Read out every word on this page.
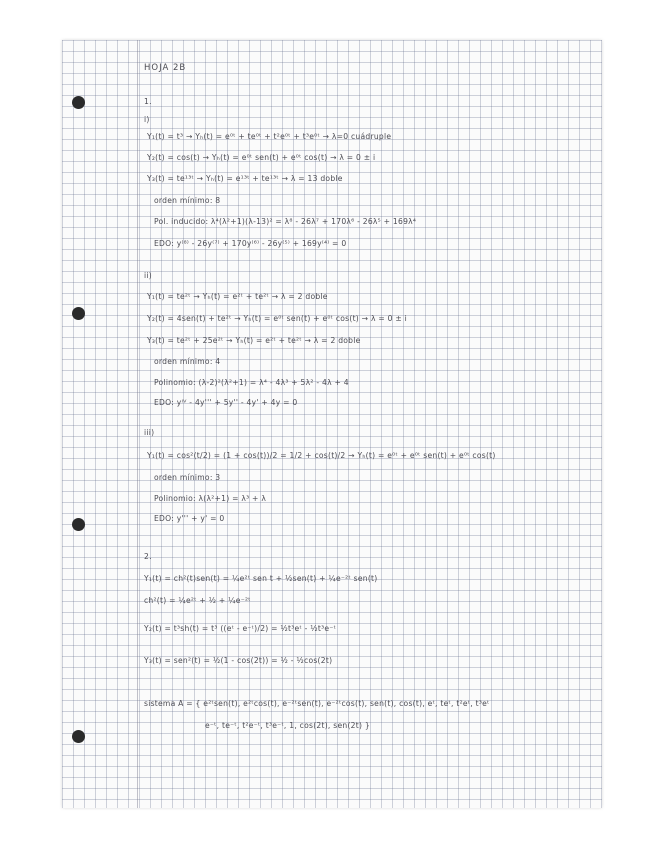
HOJA 2B
1.
i)
Y₁(t) = t³ → Yₕ(t) = e⁰ᵗ + te⁰ᵗ + t²e⁰ᵗ + t³e⁰ᵗ → λ=0 cuádruple
Y₂(t) = cos(t) → Yₕ(t) = e⁰ᵗ sen(t) + e⁰ᵗ cos(t) → λ = 0 ± i
Y₃(t) = te¹³ᵗ → Yₕ(t) = e¹³ᵗ + te¹³ᵗ → λ = 13 doble
orden mínimo: 8
Pol. inducido: λ⁴(λ²+1)(λ-13)² = λ⁸ - 26λ⁷ + 170λ⁶ - 26λ⁵ + 169λ⁴
EDO: y⁽⁸⁾ - 26y⁽⁷⁾ + 170y⁽⁶⁾ - 26y⁽⁵⁾ + 169y⁽⁴⁾ = 0
ii)
Y₁(t) = te²ᵗ → Yₕ(t) = e²ᵗ + te²ᵗ → λ = 2 doble
Y₂(t) = 4sen(t) + te²ᵗ → Yₕ(t) = e⁰ᵗ sen(t) + e⁰ᵗ cos(t) → λ = 0 ± i
Y₃(t) = te²ᵗ + 25e²ᵗ → Yₕ(t) = e²ᵗ + te²ᵗ → λ = 2 doble
orden mínimo: 4
Polinomio: (λ-2)²(λ²+1) = λ⁴ - 4λ³ + 5λ² - 4λ + 4
EDO: yᴵⱽ - 4y''' + 5y'' - 4y' + 4y = 0
iii)
Y₁(t) = cos²(t/2) = (1 + cos(t))/2 = 1/2 + cos(t)/2 → Yₕ(t) = e⁰ᵗ + e⁰ᵗ sen(t) + e⁰ᵗ cos(t)
orden mínimo: 3
Polinomio: λ(λ²+1) = λ³ + λ
EDO: y''' + y' = 0
2.
Y₁(t) = ch²(t)sen(t) = ¼e²ᵗ sen t + ½sen(t) + ¼e⁻²ᵗ sen(t)
ch²(t) = ¼e²ᵗ + ½ + ¼e⁻²ᵗ
Y₂(t) = t³sh(t) = t³ ((eᵗ - e⁻ᵗ)/2) = ½t³eᵗ - ½t³e⁻ᵗ
Y₃(t) = sen²(t) = ½(1 - cos(2t)) = ½ - ½cos(2t)
sistema A = { e²ᵗsen(t), e²ᵗcos(t), e⁻²ᵗsen(t), e⁻²ᵗcos(t), sen(t), cos(t), eᵗ, teᵗ, t²eᵗ, t³eᵗ
e⁻ᵗ, te⁻ᵗ, t²e⁻ᵗ, t³e⁻ᵗ, 1, cos(2t), sen(2t) }
